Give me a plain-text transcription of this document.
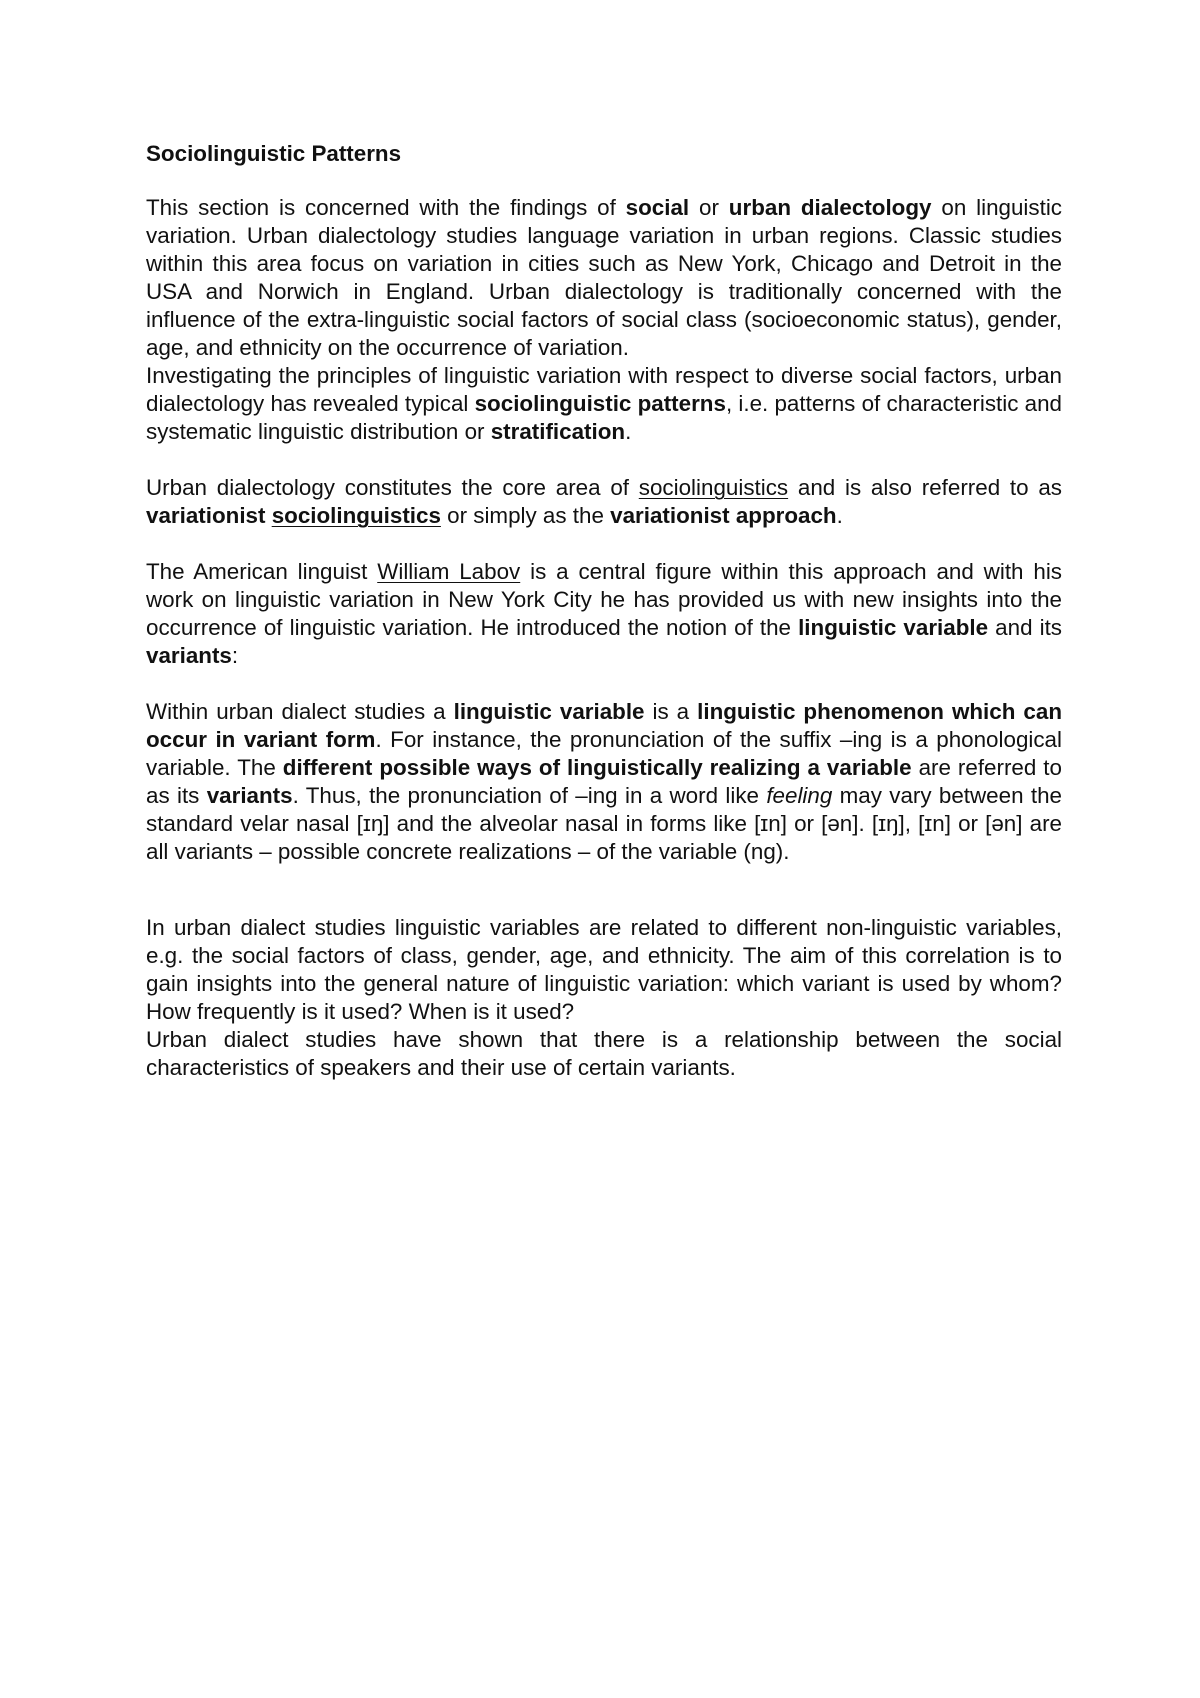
Sociolinguistic Patterns

This section is concerned with the findings of social or urban dialectology on linguistic variation. Urban dialectology studies language variation in urban regions. Classic studies within this area focus on variation in cities such as New York, Chicago and Detroit in the USA and Norwich in England. Urban dialectology is traditionally concerned with the influence of the extra-linguistic social factors of social class (socioeconomic status), gender, age, and ethnicity on the occurrence of variation.

Investigating the principles of linguistic variation with respect to diverse social factors, urban dialectology has revealed typical sociolinguistic patterns, i.e. patterns of characteristic and systematic linguistic distribution or stratification.

Urban dialectology constitutes the core area of sociolinguistics and is also referred to as variationist sociolinguistics or simply as the variationist approach.

The American linguist William Labov is a central figure within this approach and with his work on linguistic variation in New York City he has provided us with new insights into the occurrence of linguistic variation. He introduced the notion of the linguistic variable and its variants:

Within urban dialect studies a linguistic variable is a linguistic phenomenon which can occur in variant form. For instance, the pronunciation of the suffix –ing is a phonological variable. The different possible ways of linguistically realizing a variable are referred to as its variants. Thus, the pronunciation of –ing in a word like feeling may vary between the standard velar nasal [ɪŋ] and the alveolar nasal in forms like [ɪn] or [ən]. [ɪŋ], [ɪn] or [ən] are all variants – possible concrete realizations – of the variable (ng).

In urban dialect studies linguistic variables are related to different non-linguistic variables, e.g. the social factors of class, gender, age, and ethnicity. The aim of this correlation is to gain insights into the general nature of linguistic variation: which variant is used by whom? How frequently is it used? When is it used?

Urban dialect studies have shown that there is a relationship between the social characteristics of speakers and their use of certain variants.
